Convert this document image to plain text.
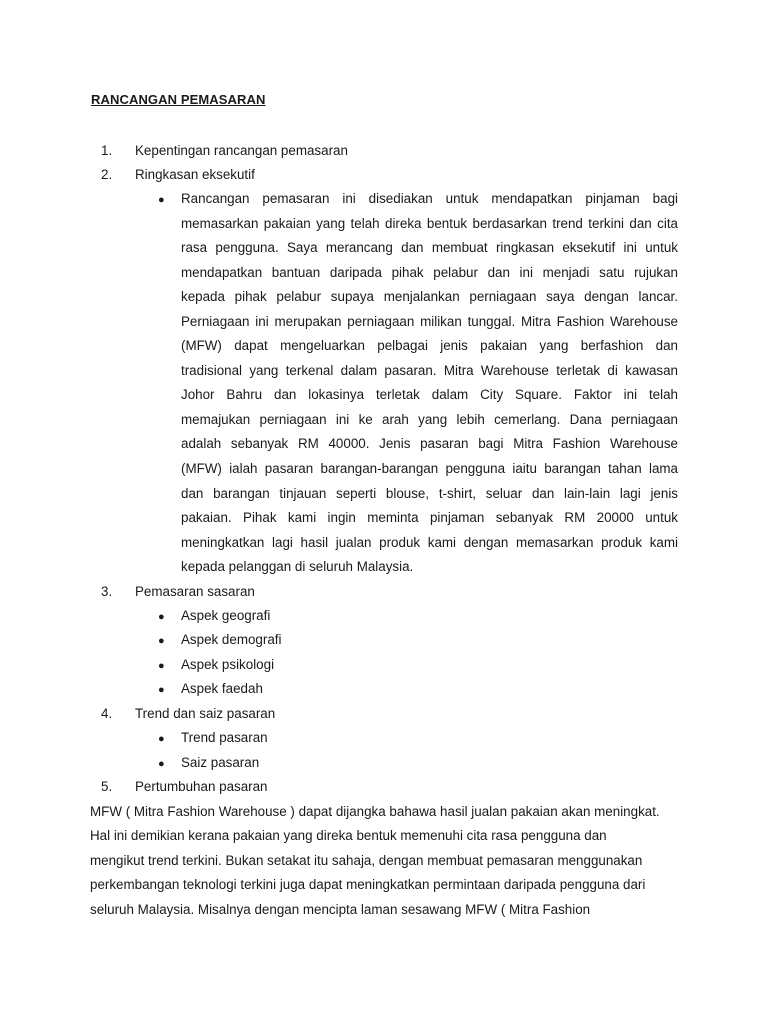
RANCANGAN PEMASARAN
1. Kepentingan rancangan pemasaran
2. Ringkasan eksekutif
● Rancangan pemasaran ini disediakan untuk mendapatkan pinjaman bagi
memasarkan pakaian yang telah direka bentuk berdasarkan trend terkini dan cita
rasa pengguna. Saya merancang dan membuat ringkasan eksekutif ini untuk
mendapatkan bantuan daripada pihak pelabur dan ini menjadi satu rujukan
kepada pihak pelabur supaya menjalankan perniagaan saya dengan lancar.
Perniagaan ini merupakan perniagaan milikan tunggal. Mitra Fashion Warehouse
(MFW) dapat mengeluarkan pelbagai jenis pakaian yang berfashion dan
tradisional yang terkenal dalam pasaran. Mitra Warehouse terletak di kawasan
Johor Bahru dan lokasinya terletak dalam City Square. Faktor ini telah
memajukan perniagaan ini ke arah yang lebih cemerlang. Dana perniagaan
adalah sebanyak RM 40000. Jenis pasaran bagi Mitra Fashion Warehouse
(MFW) ialah pasaran barangan-barangan pengguna iaitu barangan tahan lama
dan barangan tinjauan seperti blouse, t-shirt, seluar dan lain-lain lagi jenis
pakaian. Pihak kami ingin meminta pinjaman sebanyak RM 20000 untuk
meningkatkan lagi hasil jualan produk kami dengan memasarkan produk kami
kepada pelanggan di seluruh Malaysia.
3. Pemasaran sasaran
● Aspek geografi
● Aspek demografi
● Aspek psikologi
● Aspek faedah
4. Trend dan saiz pasaran
● Trend pasaran
● Saiz pasaran
5. Pertumbuhan pasaran
MFW ( Mitra Fashion Warehouse ) dapat dijangka bahawa hasil jualan pakaian akan meningkat.
Hal ini demikian kerana pakaian yang direka bentuk memenuhi cita rasa pengguna dan
mengikut trend terkini. Bukan setakat itu sahaja, dengan membuat pemasaran menggunakan
perkembangan teknologi terkini juga dapat meningkatkan permintaan daripada pengguna dari
seluruh Malaysia. Misalnya dengan mencipta laman sesawang MFW ( Mitra Fashion
